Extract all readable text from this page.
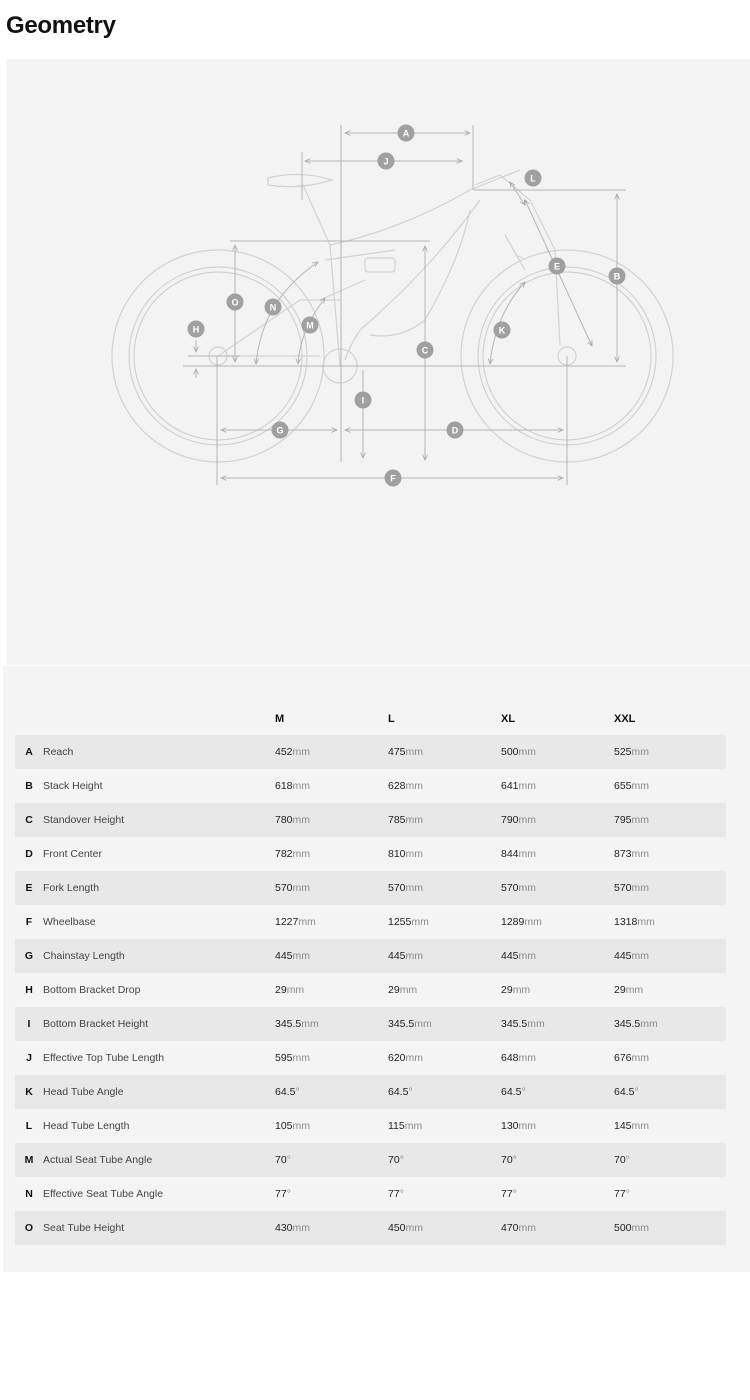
Geometry
A
B
C
D
E
F
G
H
I
J
K
L
M
N
O
		M	L	XL	XXL
A	Reach	452mm	475mm	500mm	525mm
B	Stack Height	618mm	628mm	641mm	655mm
C	Standover Height	780mm	785mm	790mm	795mm
D	Front Center	782mm	810mm	844mm	873mm
E	Fork Length	570mm	570mm	570mm	570mm
F	Wheelbase	1227mm	1255mm	1289mm	1318mm
G	Chainstay Length	445mm	445mm	445mm	445mm
H	Bottom Bracket Drop	29mm	29mm	29mm	29mm
I	Bottom Bracket Height	345.5mm	345.5mm	345.5mm	345.5mm
J	Effective Top Tube Length	595mm	620mm	648mm	676mm
K	Head Tube Angle	64.5°	64.5°	64.5°	64.5°
L	Head Tube Length	105mm	115mm	130mm	145mm
M	Actual Seat Tube Angle	70°	70°	70°	70°
N	Effective Seat Tube Angle	77°	77°	77°	77°
O	Seat Tube Height	430mm	450mm	470mm	500mm
